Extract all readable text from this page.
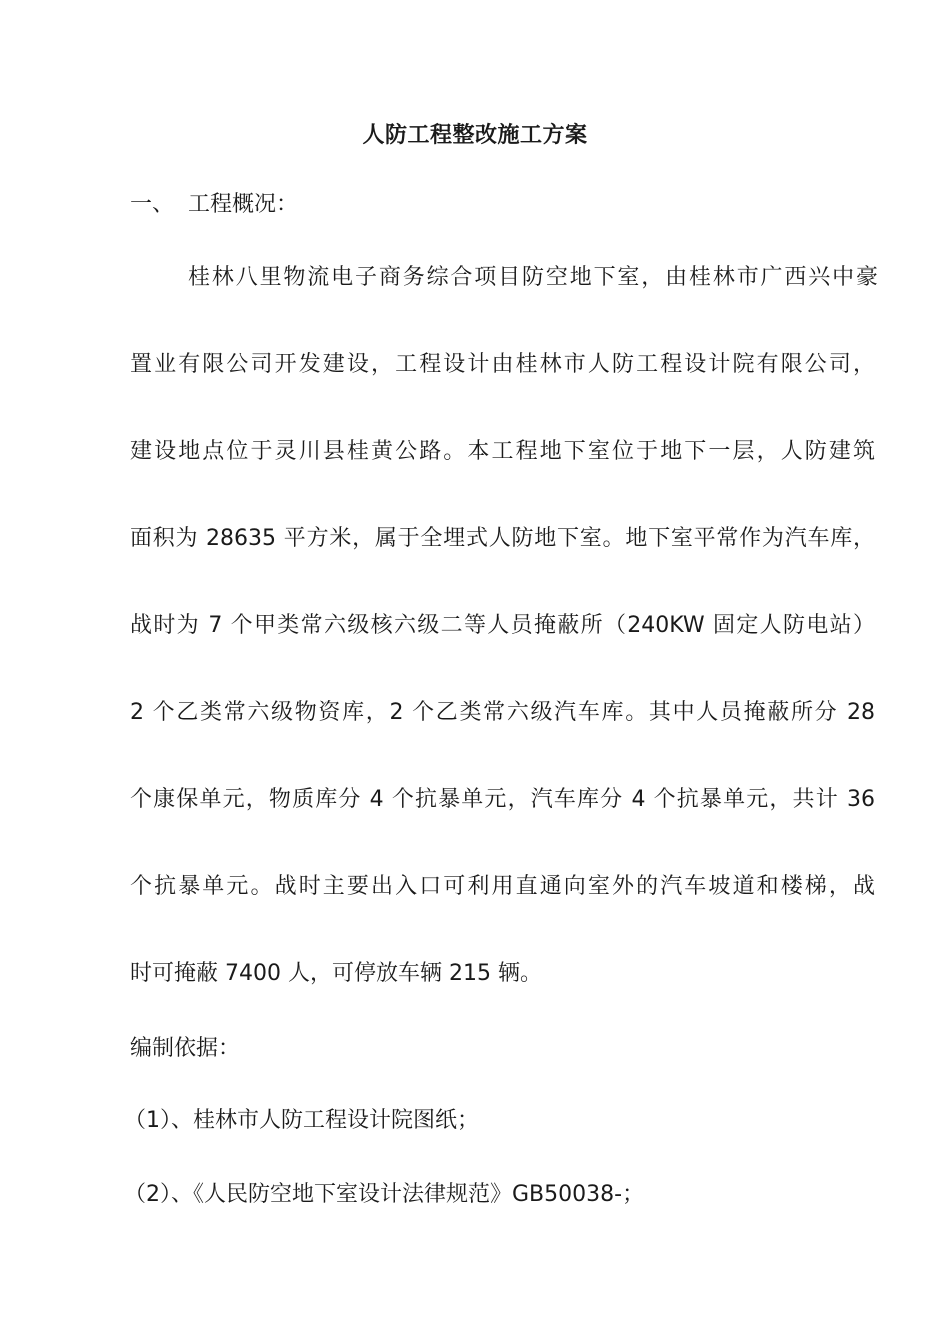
人防工程整改施工方案
一、 工程概况：
桂林八里物流电子商务综合项目防空地下室，由桂林市广西兴中豪
置业有限公司开发建设，工程设计由桂林市人防工程设计院有限公司，
建设地点位于灵川县桂黄公路。本工程地下室位于地下一层，人防建筑
面积为 28635 平方米，属于全埋式人防地下室。地下室平常作为汽车库，
战时为 7 个甲类常六级核六级二等人员掩蔽所（240KW 固定人防电站）
2 个乙类常六级物资库，2 个乙类常六级汽车库。其中人员掩蔽所分 28
个康保单元，物质库分 4 个抗暴单元，汽车库分 4 个抗暴单元，共计 36
个抗暴单元。战时主要出入口可利用直通向室外的汽车坡道和楼梯，战
时可掩蔽 7400 人，可停放车辆 215 辆。
编制依据：
（1）、桂林市人防工程设计院图纸；
（2）、《人民防空地下室设计法律规范》GB50038-；
